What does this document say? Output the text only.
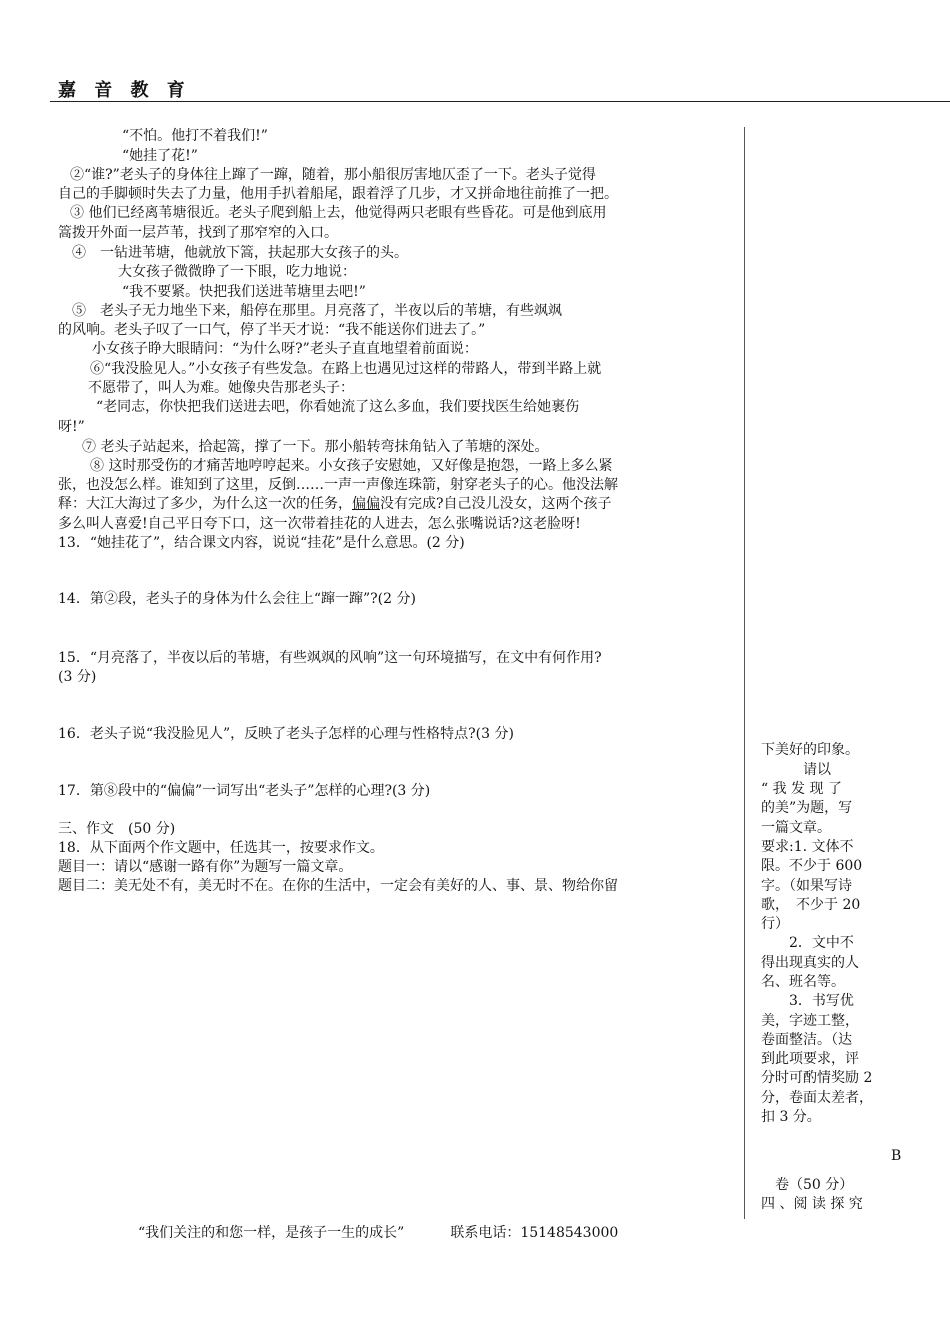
嘉 音 教 育
“不怕。他打不着我们!”
“她挂了花!”
②“谁?”老头子的身体往上蹿了一蹿，随着，那小船很厉害地仄歪了一下。老头子觉得
自己的手脚顿时失去了力量，他用手扒着船尾，跟着浮了几步，才又拼命地往前推了一把。
③ 他们已经离苇塘很近。老头子爬到船上去，他觉得两只老眼有些昏花。可是他到底用
篙拨开外面一层芦苇，找到了那窄窄的入口。
④　一钻进苇塘，他就放下篙，扶起那大女孩子的头。
大女孩子微微睁了一下眼，吃力地说：
“我不要紧。快把我们送进苇塘里去吧!”
⑤　老头子无力地坐下来，船停在那里。月亮落了，半夜以后的苇塘，有些飒飒
的风响。老头子叹了一口气，停了半天才说：“我不能送你们进去了。”
小女孩子睁大眼睛问：“为什么呀?”老头子直直地望着前面说：
⑥“我没脸见人。”小女孩子有些发急。在路上也遇见过这样的带路人，带到半路上就
不愿带了，叫人为难。她像央告那老头子：
“老同志，你快把我们送进去吧，你看她流了这么多血，我们要找医生给她裹伤
呀!”
⑦ 老头子站起来，拾起篙，撑了一下。那小船转弯抹角钻入了苇塘的深处。
⑧ 这时那受伤的才痛苦地哼哼起来。小女孩子安慰她，又好像是抱怨，一路上多么紧
张，也没怎么样。谁知到了这里，反倒……一声一声像连珠箭，射穿老头子的心。他没法解
释：大江大海过了多少，为什么这一次的任务，偏偏没有完成?自己没儿没女，这两个孩子
多么叫人喜爱!自己平日夸下口，这一次带着挂花的人进去，怎么张嘴说话?这老脸呀!
13．“她挂花了”，结合课文内容，说说“挂花”是什么意思。(2 分)
14．第②段，老头子的身体为什么会往上“蹿一蹿”?(2 分)
15．“月亮落了，半夜以后的苇塘，有些飒飒的风响”这一句环境描写，在文中有何作用?
(3 分)
16．老头子说“我没脸见人”，反映了老头子怎样的心理与性格特点?(3 分)
17．第⑧段中的“偏偏”一词写出“老头子”怎样的心理?(3 分)
三、作文　(50 分)
18．从下面两个作文题中，任选其一，按要求作文。
题目一：请以“感谢一路有你”为题写一篇文章。
题目二：美无处不有，美无时不在。在你的生活中，一定会有美好的人、事、景、物给你留
下美好的印象。
　　　请以
“ 我 发 现 了
的美”为题，写
一篇文章。
要求:1. 文体不
限。不少于 600
字。（如果写诗
歌，　不少于 20
行）
　　2．文中不
得出现真实的人
名、班名等。
　　3．书写优
美，字迹工整，
卷面整洁。（达
到此项要求，评
分时可酌情奖励 2
分，卷面太差者，
扣 3 分。
B
　卷（50 分）
四 、阅 读 探 究
“我们关注的和您一样，是孩子一生的成长”	联系电话：15148543000
